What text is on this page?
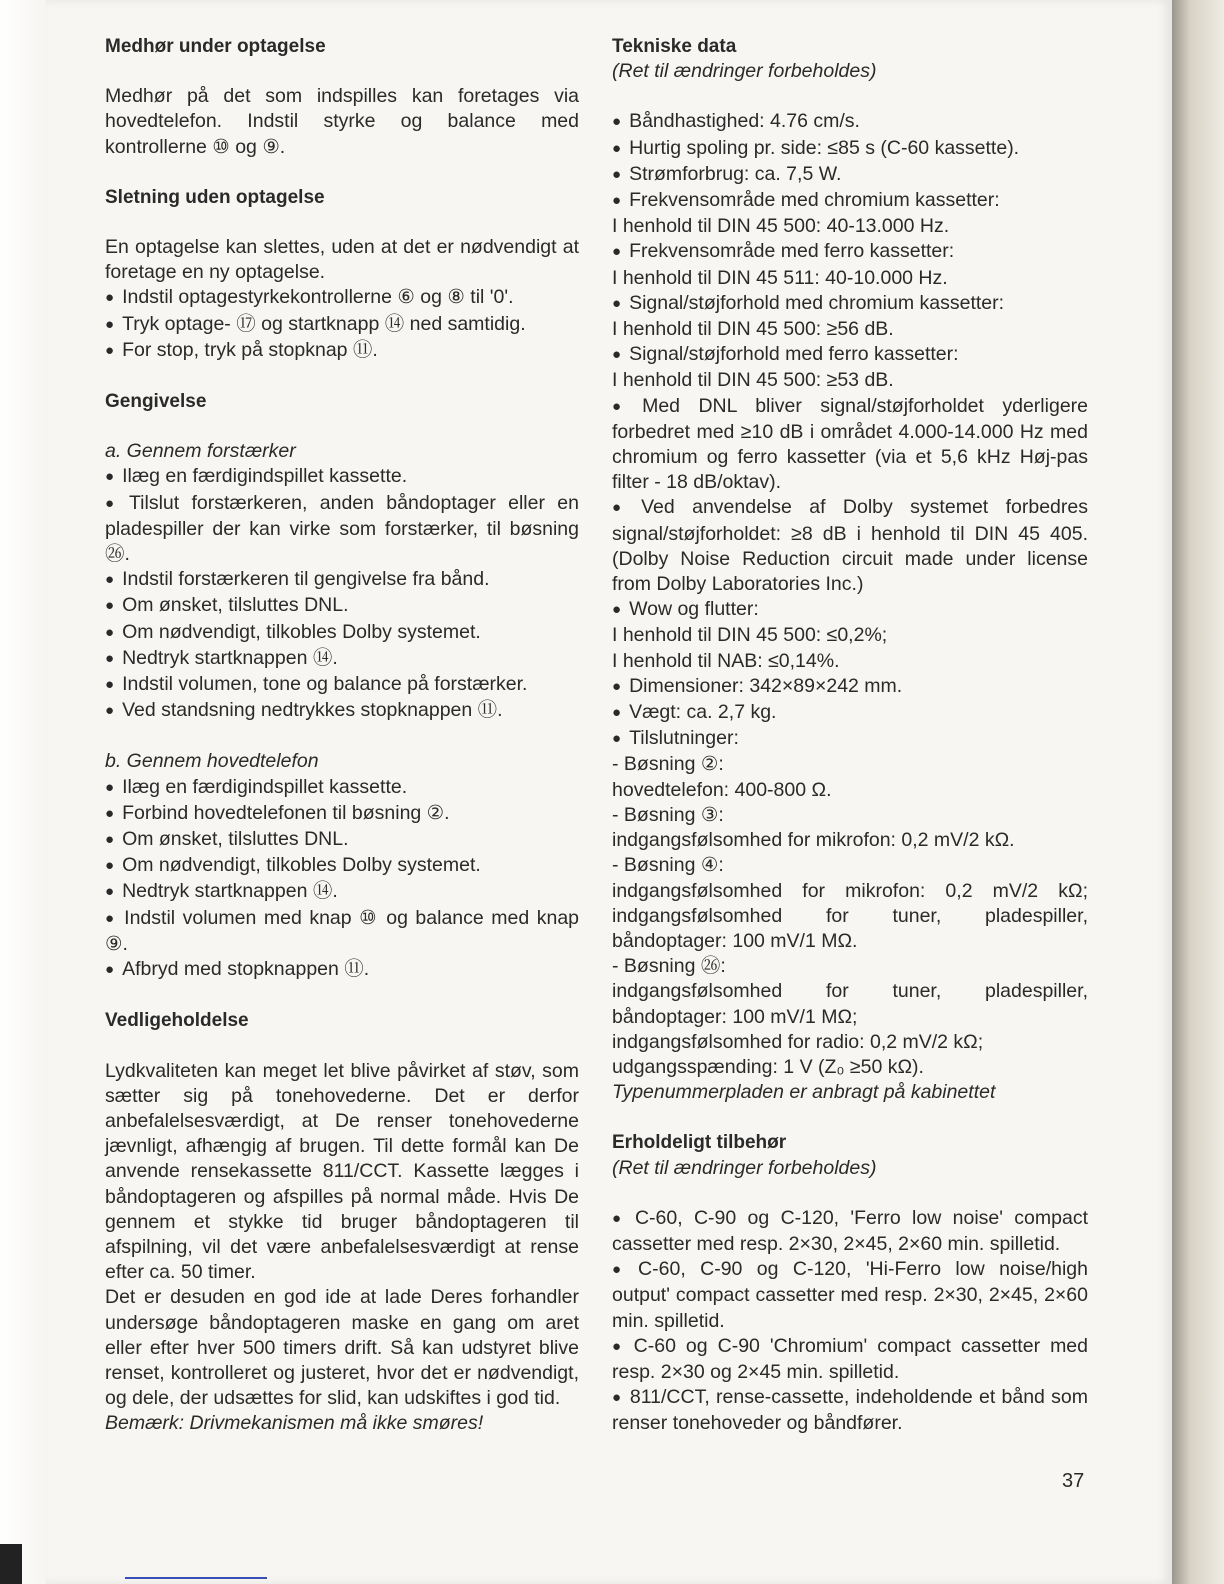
Medhør under optagelse

Medhør på det som indspilles kan foretages via hovedtelefon. Indstil styrke og balance med kontrollerne ⑩ og ⑨.

Sletning uden optagelse

En optagelse kan slettes, uden at det er nødvendigt at foretage en ny optagelse.

● Indstil optagestyrkekontrollerne ⑥ og ⑧ til '0'.

● Tryk optage- ⑰ og startknapp ⑭ ned samtidig.

● For stop, tryk på stopknap ⑪.

Gengivelse

a. Gennem forstærker

● Ilæg en færdigindspillet kassette.

● Tilslut forstærkeren, anden båndoptager eller en pladespiller der kan virke som forstærker, til bøsning ㉖.

● Indstil forstærkeren til gengivelse fra bånd.

● Om ønsket, tilsluttes DNL.

● Om nødvendigt, tilkobles Dolby systemet.

● Nedtryk startknappen ⑭.

● Indstil volumen, tone og balance på forstærker.

● Ved standsning nedtrykkes stopknappen ⑪.

b. Gennem hovedtelefon

● Ilæg en færdigindspillet kassette.

● Forbind hovedtelefonen til bøsning ②.

● Om ønsket, tilsluttes DNL.

● Om nødvendigt, tilkobles Dolby systemet.

● Nedtryk startknappen ⑭.

● Indstil volumen med knap ⑩ og balance med knap ⑨.

● Afbryd med stopknappen ⑪.

Vedligeholdelse

Lydkvaliteten kan meget let blive påvirket af støv, som sætter sig på tonehovederne. Det er derfor anbefalelsesværdigt, at De renser tonehovederne jævnligt, afhængig af brugen. Til dette formål kan De anvende rensekassette 811/CCT. Kassette lægges i båndoptageren og afspilles på normal måde. Hvis De gennem et stykke tid bruger båndoptageren til afspilning, vil det være anbefalelsesværdigt at rense efter ca. 50 timer.

Det er desuden en god ide at lade Deres forhandler undersøge båndoptageren maske en gang om aret eller efter hver 500 timers drift. Så kan udstyret blive renset, kontrolleret og justeret, hvor det er nødvendigt, og dele, der udsættes for slid, kan udskiftes i god tid.

Bemærk: Drivmekanismen må ikke smøres!

Tekniske data

(Ret til ændringer forbeholdes)

● Båndhastighed: 4.76 cm/s.

● Hurtig spoling pr. side: ≤85 s (C-60 kassette).

● Strømforbrug: ca. 7,5 W.

● Frekvensområde med chromium kassetter:

I henhold til DIN 45 500: 40-13.000 Hz.

● Frekvensområde med ferro kassetter:

I henhold til DIN 45 511: 40-10.000 Hz.

● Signal/støjforhold med chromium kassetter:

I henhold til DIN 45 500: ≥56 dB.

● Signal/støjforhold med ferro kassetter:

I henhold til DIN 45 500: ≥53 dB.

● Med DNL bliver signal/støjforholdet yderligere forbedret med ≥10 dB i området 4.000-14.000 Hz med chromium og ferro kassetter (via et 5,6 kHz Høj-pas filter - 18 dB/oktav).

● Ved anvendelse af Dolby systemet forbedres signal/støjforholdet: ≥8 dB i henhold til DIN 45 405. (Dolby Noise Reduction circuit made under license from Dolby Laboratories Inc.)

● Wow og flutter:

I henhold til DIN 45 500: ≤0,2%;

I henhold til NAB: ≤0,14%.

● Dimensioner: 342×89×242 mm.

● Vægt: ca. 2,7 kg.

● Tilslutninger:

- Bøsning ②:

hovedtelefon: 400-800 Ω.

- Bøsning ③:

indgangsfølsomhed for mikrofon: 0,2 mV/2 kΩ.

- Bøsning ④:

indgangsfølsomhed for mikrofon: 0,2 mV/2 kΩ; indgangsfølsomhed for tuner, pladespiller, båndoptager: 100 mV/1 MΩ.

- Bøsning ㉖:

indgangsfølsomhed for tuner, pladespiller, båndoptager: 100 mV/1 MΩ;

indgangsfølsomhed for radio: 0,2 mV/2 kΩ;

udgangsspænding: 1 V (Z₀ ≥50 kΩ).

Typenummerpladen er anbragt på kabinettet

Erholdeligt tilbehør

(Ret til ændringer forbeholdes)

● C-60, C-90 og C-120, 'Ferro low noise' compact cassetter med resp. 2×30, 2×45, 2×60 min. spilletid.

● C-60, C-90 og C-120, 'Hi-Ferro low noise/high output' compact cassetter med resp. 2×30, 2×45, 2×60 min. spilletid.

● C-60 og C-90 'Chromium' compact cassetter med resp. 2×30 og 2×45 min. spilletid.

● 811/CCT, rense-cassette, indeholdende et bånd som renser tonehoveder og båndfører.

37
